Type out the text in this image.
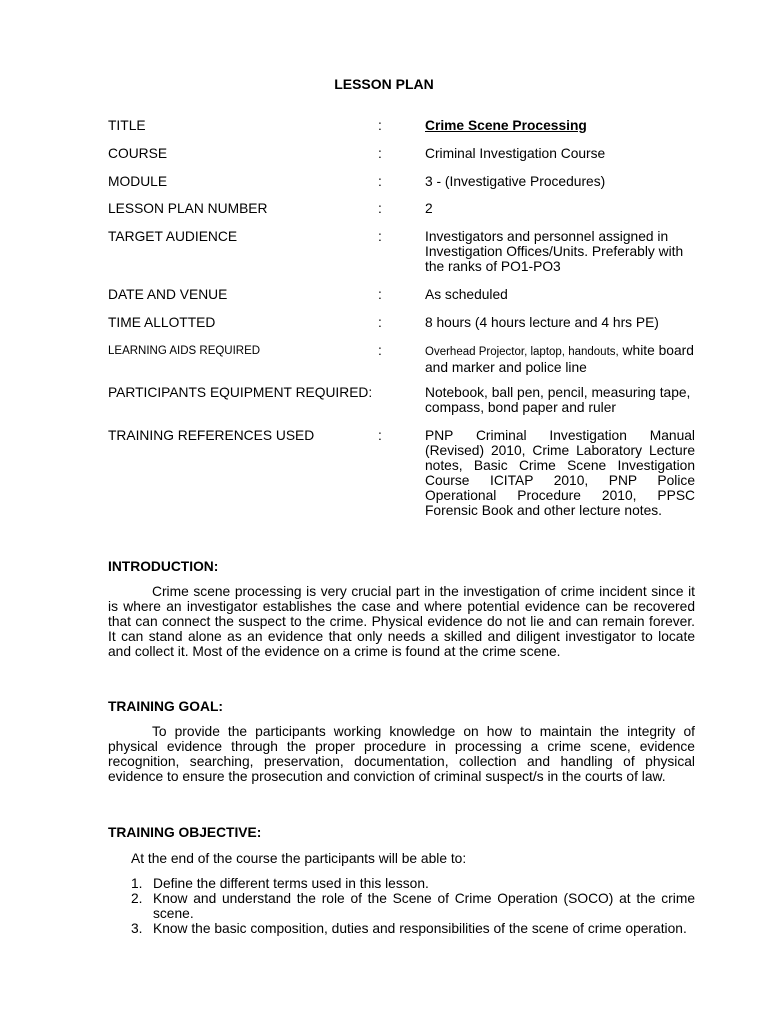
LESSON PLAN
TITLE	:	Crime Scene Processing
COURSE	:	Criminal Investigation Course
MODULE	:	3 - (Investigative Procedures)
LESSON PLAN NUMBER	:	2
TARGET AUDIENCE	:	Investigators and personnel assigned in Investigation Offices/Units. Preferably with the ranks of PO1-PO3
DATE AND VENUE	:	As scheduled
TIME ALLOTTED	:	8 hours (4 hours lecture and 4 hrs PE)
LEARNING AIDS REQUIRED	:	Overhead Projector, laptop, handouts, white board and marker and police line
PARTICIPANTS EQUIPMENT REQUIRED:	Notebook, ball pen, pencil, measuring tape, compass, bond paper and ruler
TRAINING REFERENCES USED	:	PNP Criminal Investigation Manual (Revised) 2010, Crime Laboratory Lecture notes, Basic Crime Scene Investigation Course ICITAP 2010, PNP Police Operational Procedure 2010, PPSC Forensic Book and other lecture notes.
INTRODUCTION:
Crime scene processing is very crucial part in the investigation of crime incident since it is where an investigator establishes the case and where potential evidence can be recovered that can connect the suspect to the crime. Physical evidence do not lie and can remain forever. It can stand alone as an evidence that only needs a skilled and diligent investigator to locate and collect it. Most of the evidence on a crime is found at the crime scene.
TRAINING GOAL:
To provide the participants working knowledge on how to maintain the integrity of physical evidence through the proper procedure in processing a crime scene, evidence recognition, searching, preservation, documentation, collection and handling of physical evidence to ensure the prosecution and conviction of criminal suspect/s in the courts of law.
TRAINING OBJECTIVE:
At the end of the course the participants will be able to:
1. Define the different terms used in this lesson.
2. Know and understand the role of the Scene of Crime Operation (SOCO) at the crime scene.
3. Know the basic composition, duties and responsibilities of the scene of crime operation.
